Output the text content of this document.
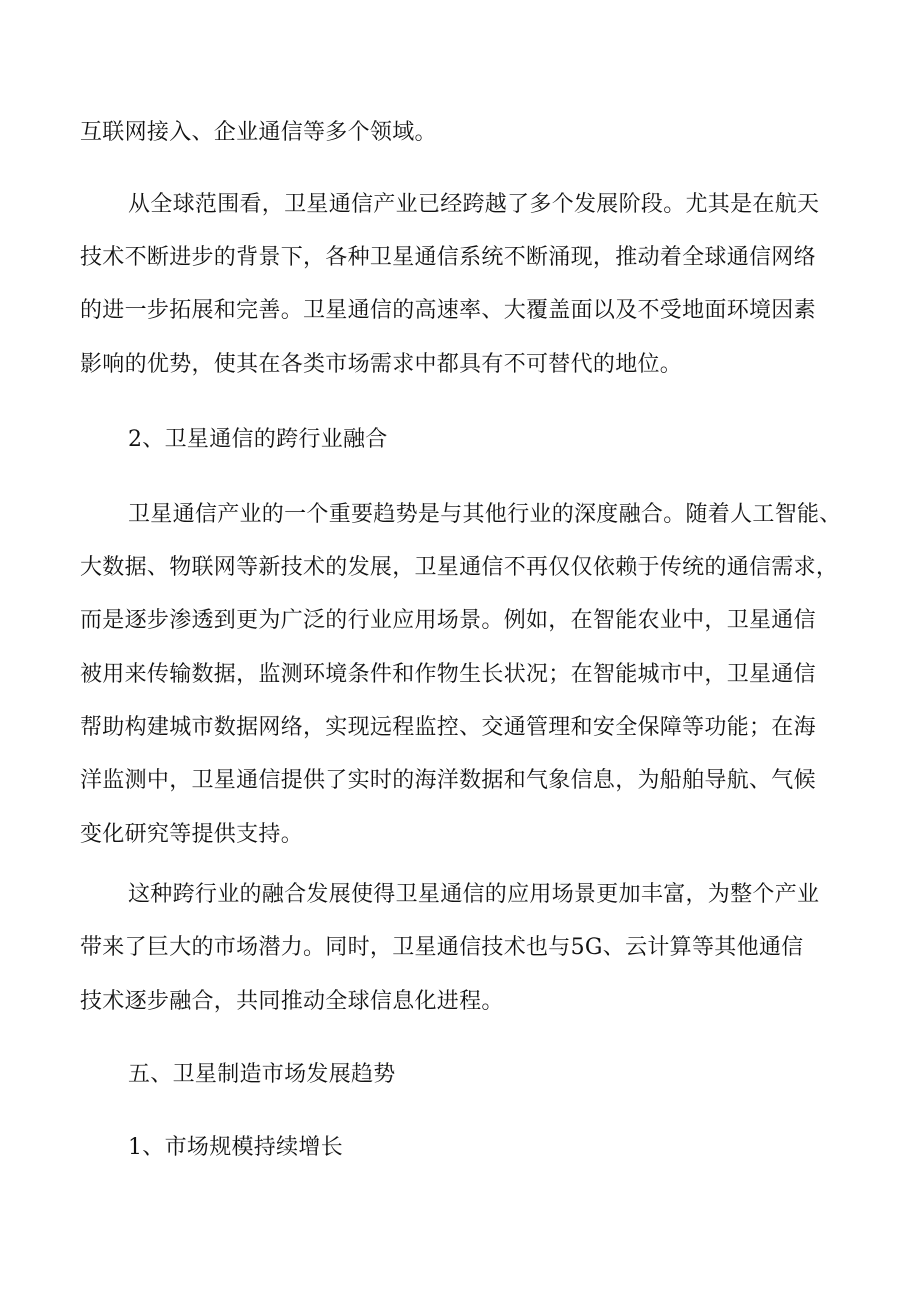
互联网接入、企业通信等多个领域。
从全球范围看，卫星通信产业已经跨越了多个发展阶段。尤其是在航天
技术不断进步的背景下，各种卫星通信系统不断涌现，推动着全球通信网络
的进一步拓展和完善。卫星通信的高速率、大覆盖面以及不受地面环境因素
影响的优势，使其在各类市场需求中都具有不可替代的地位。
2、卫星通信的跨行业融合
卫星通信产业的一个重要趋势是与其他行业的深度融合。随着人工智能、
大数据、物联网等新技术的发展，卫星通信不再仅仅依赖于传统的通信需求，
而是逐步渗透到更为广泛的行业应用场景。例如，在智能农业中，卫星通信
被用来传输数据，监测环境条件和作物生长状况；在智能城市中，卫星通信
帮助构建城市数据网络，实现远程监控、交通管理和安全保障等功能；在海
洋监测中，卫星通信提供了实时的海洋数据和气象信息，为船舶导航、气候
变化研究等提供支持。
这种跨行业的融合发展使得卫星通信的应用场景更加丰富，为整个产业
带来了巨大的市场潜力。同时，卫星通信技术也与5G、云计算等其他通信
技术逐步融合，共同推动全球信息化进程。
五、卫星制造市场发展趋势
1、市场规模持续增长
